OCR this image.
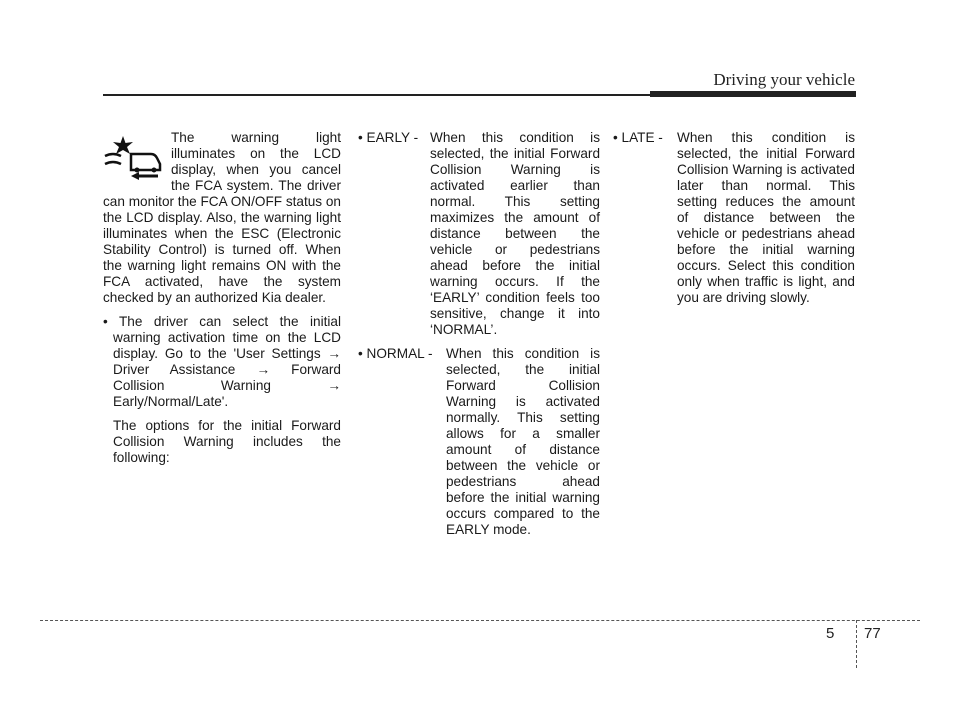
Driving your vehicle

The warning light illuminates on the LCD display, when you cancel the FCA system. The driver can monitor the FCA ON/OFF status on the LCD display. Also, the warning light illuminates when the ESC (Electronic Stability Control) is turned off. When the warning light remains ON with the FCA activated, have the system checked by an authorized Kia dealer.

• The driver can select the initial warning activation time on the LCD display. Go to the 'User Settings → Driver Assistance → Forward Collision Warning → Early/Normal/Late'.

The options for the initial Forward Collision Warning includes the following:

• EARLY - When this condition is selected, the initial Forward Collision Warning is activated earlier than normal. This setting maximizes the amount of distance between the vehicle or pedestrians ahead before the initial warning occurs. If the ‘EARLY’ condition feels too sensitive, change it into ‘NORMAL’.
• NORMAL - When this condition is selected, the initial Forward Collision Warning is activated normally. This setting allows for a smaller amount of distance between the vehicle or pedestrians ahead before the initial warning occurs compared to the EARLY mode.
• LATE -	When this condition is selected, the initial Forward Collision Warning is activated later than normal. This setting reduces the amount of distance between the vehicle or pedestrians ahead before the initial warning occurs. Select this condition only when traffic is light, and you are driving slowly.
5 77
